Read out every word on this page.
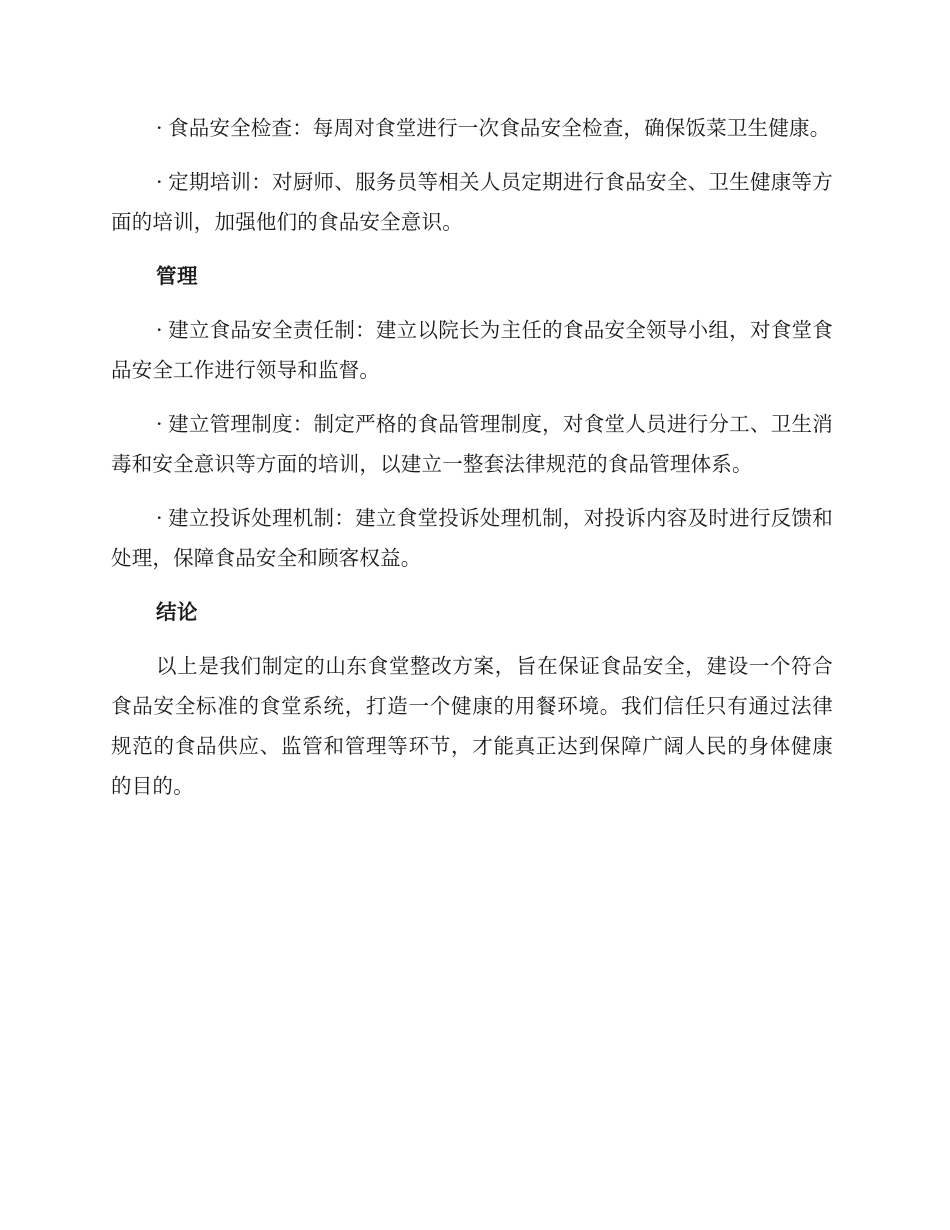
· 食品安全检查：每周对食堂进行一次食品安全检查，确保饭菜卫生健康。

· 定期培训：对厨师、服务员等相关人员定期进行食品安全、卫生健康等方面的培训，加强他们的食品安全意识。

管理

· 建立食品安全责任制：建立以院长为主任的食品安全领导小组，对食堂食品安全工作进行领导和监督。

· 建立管理制度：制定严格的食品管理制度，对食堂人员进行分工、卫生消毒和安全意识等方面的培训，以建立一整套法律规范的食品管理体系。

· 建立投诉处理机制：建立食堂投诉处理机制，对投诉内容及时进行反馈和处理，保障食品安全和顾客权益。

结论

以上是我们制定的山东食堂整改方案，旨在保证食品安全，建设一个符合食品安全标准的食堂系统，打造一个健康的用餐环境。我们信任只有通过法律规范的食品供应、监管和管理等环节，才能真正达到保障广阔人民的身体健康的目的。
